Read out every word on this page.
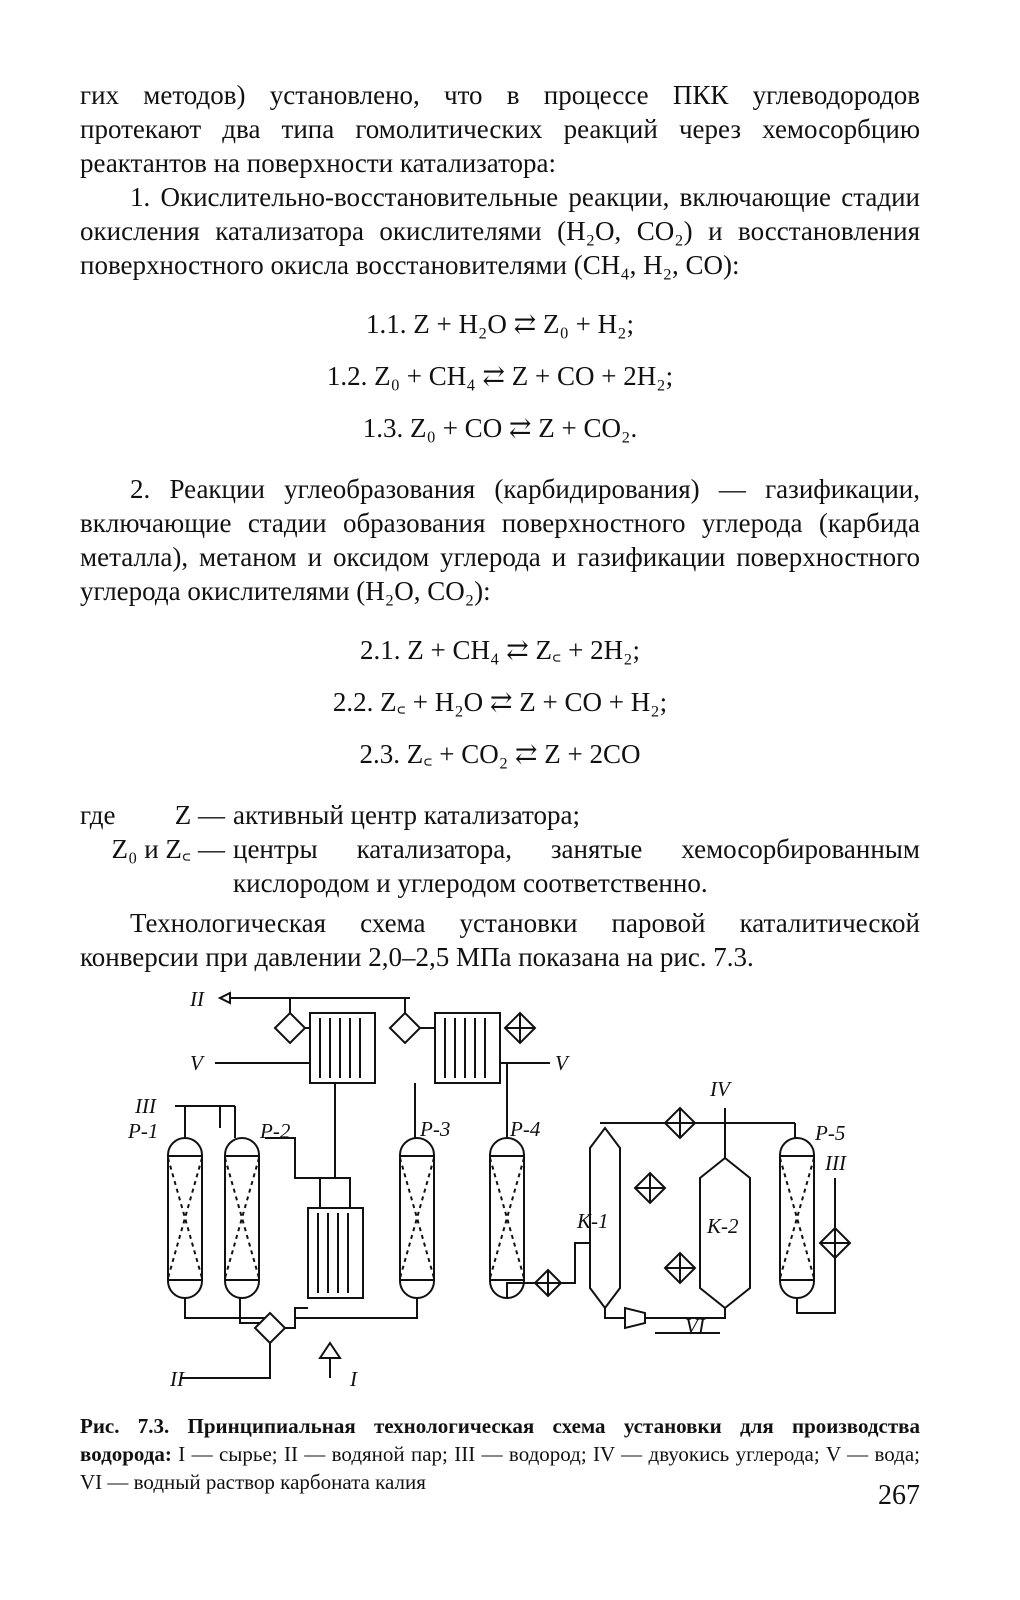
гих методов) установлено, что в процессе ПКК углеводородов протекают два типа гомолитических реакций через хемосорбцию реактантов на поверхности катализатора:

1. Окислительно-восстановительные реакции, включающие стадии окисления катализатора окислителями (H₂O, CO₂) и восстановления поверхностного окисла восстановителями (CH₄, H₂, CO):

1.1. Z + H₂O ⇄ Z₀ + H₂;
1.2. Z₀ + CH₄ ⇄ Z + CO + 2H₂;
1.3. Z₀ + CO ⇄ Z + CO₂.

2. Реакции углеобразования (карбидирования) — газификации, включающие стадии образования поверхностного углерода (карбида металла), метаном и оксидом углерода и газификации поверхностного углерода окислителями (H₂O, CO₂):

2.1. Z + CH₄ ⇄ Z꜀ + 2H₂;
2.2. Z꜀ + H₂O ⇄ Z + CO + H₂;
2.3. Z꜀ + CO₂ ⇄ Z + 2CO
где Z — активный центр катализатора;
Z₀ и Z꜀ — центры катализатора, занятые хемосорбированным кислородом и углеродом соответственно.

Технологическая схема установки паровой каталитической конверсии при давлении 2,0–2,5 МПа показана на рис. 7.3.

II
V	V
III
P-1	P-2	P-3	P-4	P-5
IV
III
K-1	K-2
VI
II	I
Рис. 7.3. Принципиальная технологическая схема установки для производства водорода: I — сырье; II — водяной пар; III — водород; IV — двуокись углерода; V — вода; VI — водный раствор карбоната калия	267
